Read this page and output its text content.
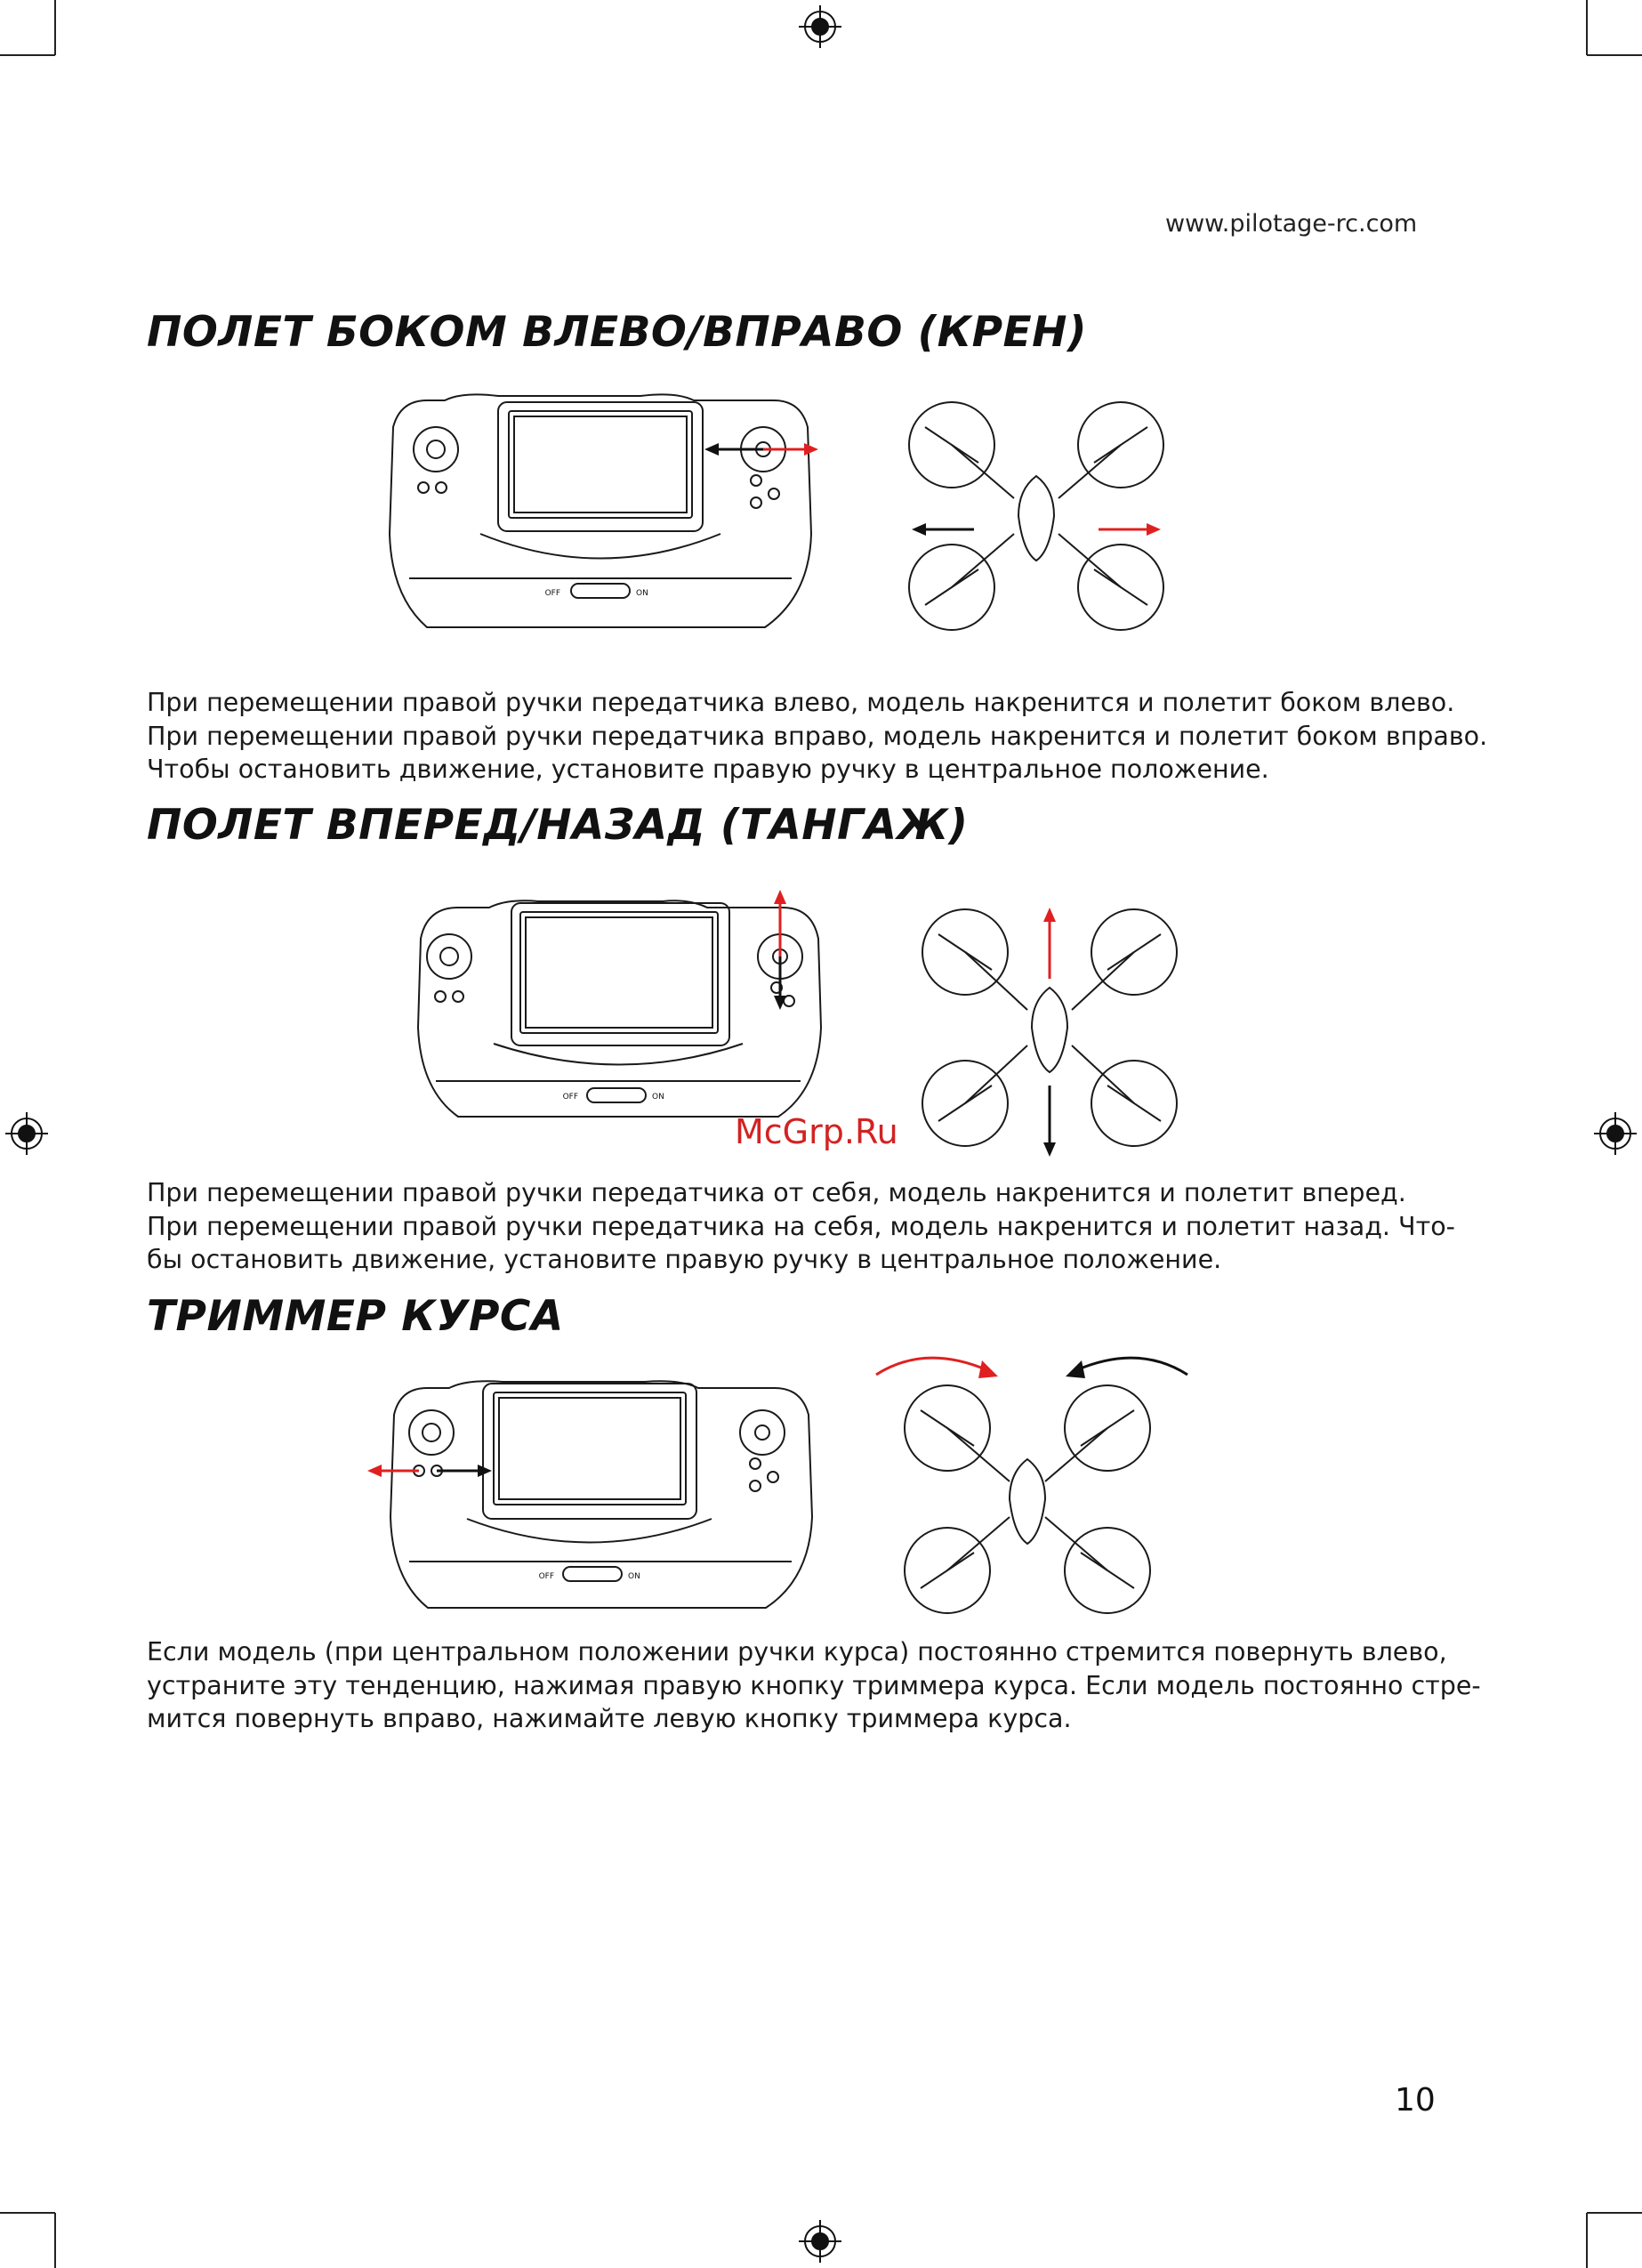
www.pilotage-rc.com
ПОЛЕТ БОКОМ ВЛЕВО/ВПРАВО (КРЕН)
OFF	ON

При перемещении правой ручки передатчика влево, модель накренится и полетит боком влево.

При перемещении правой ручки передатчика вправо, модель накренится и полетит боком вправо.

Чтобы остановить движение, установите правую ручку в центральное положение.

ПОЛЕТ ВПЕРЕД/НАЗАД (ТАНГАЖ)
OFF	ON
McGrp.Ru

При перемещении правой ручки передатчика от себя, модель накренится и полетит вперед.

При перемещении правой ручки передатчика на себя, модель накренится и полетит назад. Что-

бы остановить движение, установите правую ручку в центральное положение.

ТРИММЕР КУРСА
OFF	ON

Если модель (при центральном положении ручки курса) постоянно стремится повернуть влево,

устраните эту тенденцию, нажимая правую кнопку триммера курса. Если модель постоянно стре-

мится повернуть вправо, нажимайте левую кнопку триммера курса.

10
